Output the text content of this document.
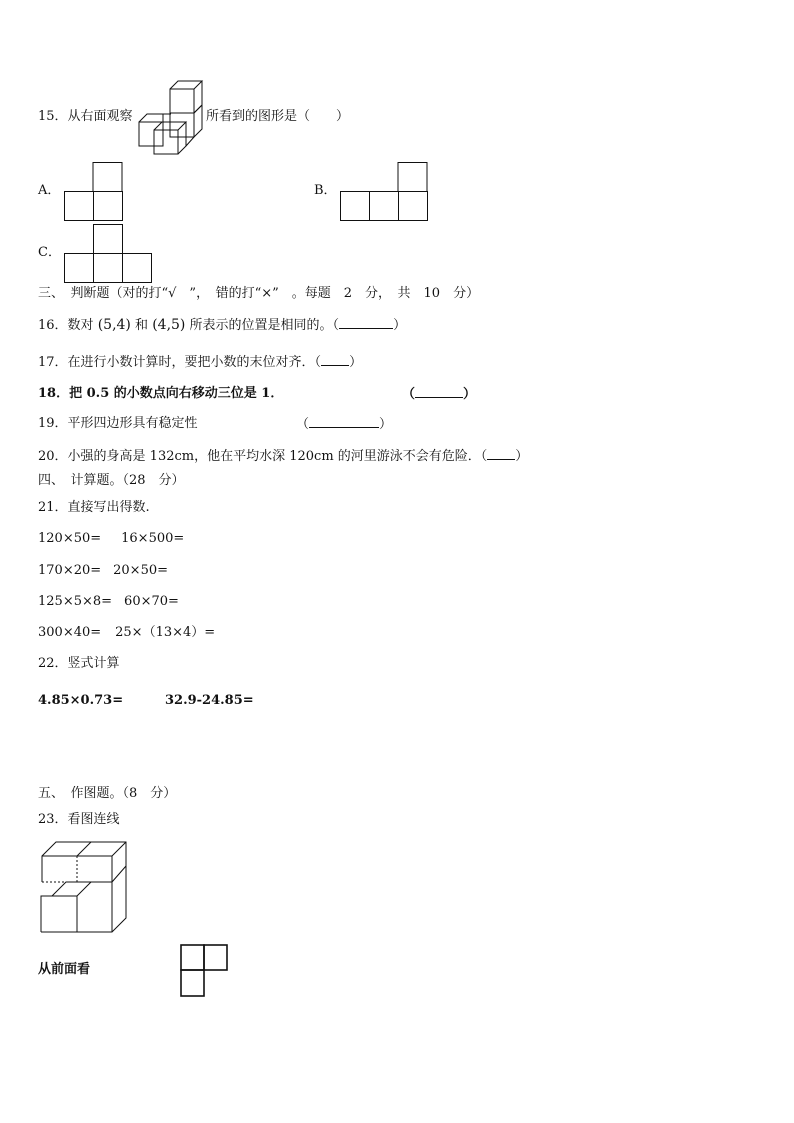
15．从右面观察	所看到的图形是（　　）
A．	B．
C．
三、　判断题（对的打“√　”，　错的打“×”　。每题　2　分，　共　10　分）
16．数对 (5,4) 和 (4,5) 所表示的位置是相同的。（	）
17．在进行小数计算时，要把小数的末位对齐．（ ）
18．把 0.5 的小数点向右移动三位是 1．	（	）
19．平形四边形具有稳定性	（	）
20．小强的身高是 132cm，他在平均水深 120cm 的河里游泳不会有危险．（ ）
四、　计算题。（28　分）
21．直接写出得数.
120×50= 16×500=
170×20= 20×50=
125×5×8= 60×70=
300×40= 25×（13×4）=
22．竖式计算
4.85×0.73=	32.9-24.85=
五、　作图题。（8　分）
23．看图连线
从前面看
